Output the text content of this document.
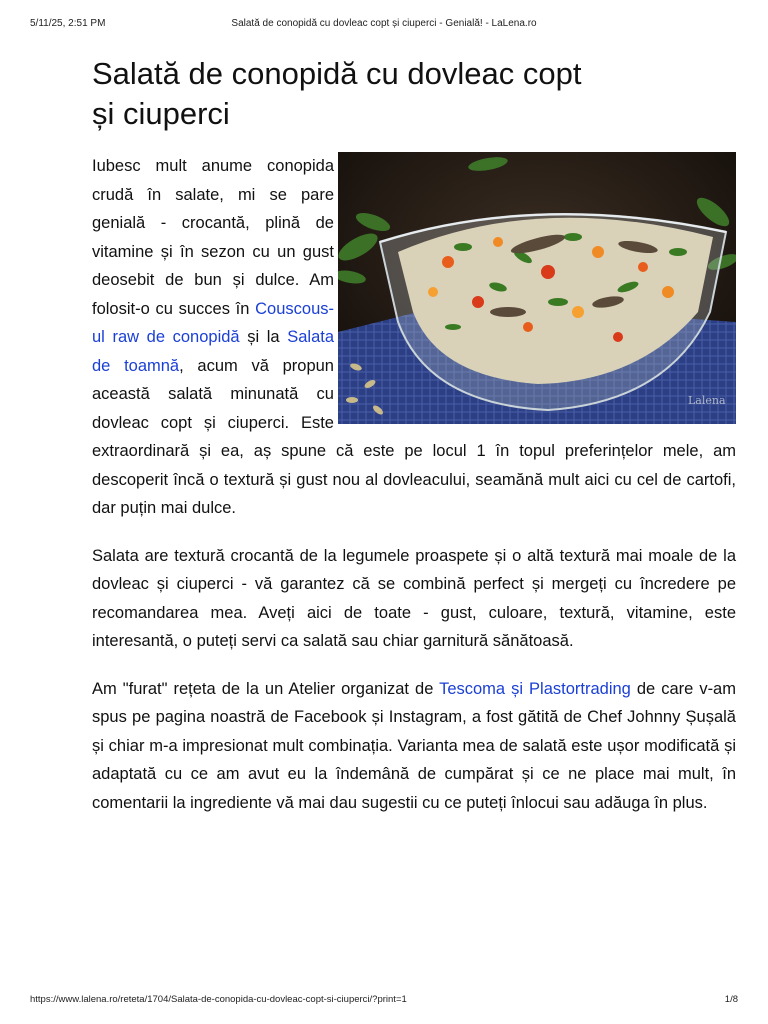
5/11/25, 2:51 PM	Salată de conopidă cu dovleac copt și ciuperci - Genială! - LaLena.ro
Salată de conopidă cu dovleac copt și ciuperci
Lalena

Iubesc mult anume conopida crudă în salate, mi se pare genială - crocantă, plină de vitamine și în sezon cu un gust deosebit de bun și dulce. Am folosit-o cu succes în Couscous-ul raw de conopidă și la Salata de toamnă, acum vă propun această salată minunată cu dovleac copt și ciuperci. Este extraordinară și ea, aș spune că este pe locul 1 în topul preferințelor mele, am descoperit încă o textură și gust nou al dovleacului, seamănă mult aici cu cel de cartofi, dar puțin mai dulce.

Salata are textură crocantă de la legumele proaspete și o altă textură mai moale de la dovleac și ciuperci - vă garantez că se combină perfect și mergeți cu încredere pe recomandarea mea. Aveți aici de toate - gust, culoare, textură, vitamine, este interesantă, o puteți servi ca salată sau chiar garnitură sănătoasă.

Am "furat" rețeta de la un Atelier organizat de Tescoma și Plastortrading de care v-am spus pe pagina noastră de Facebook și Instagram, a fost gătită de Chef Johnny Șușală și chiar m-a impresionat mult combinația. Varianta mea de salată este ușor modificată și adaptată cu ce am avut eu la îndemână de cumpărat și ce ne place mai mult, în comentarii la ingrediente vă mai dau sugestii cu ce puteți înlocui sau adăuga în plus.

https://www.lalena.ro/reteta/1704/Salata-de-conopida-cu-dovleac-copt-si-ciuperci/?print=1	1/8
